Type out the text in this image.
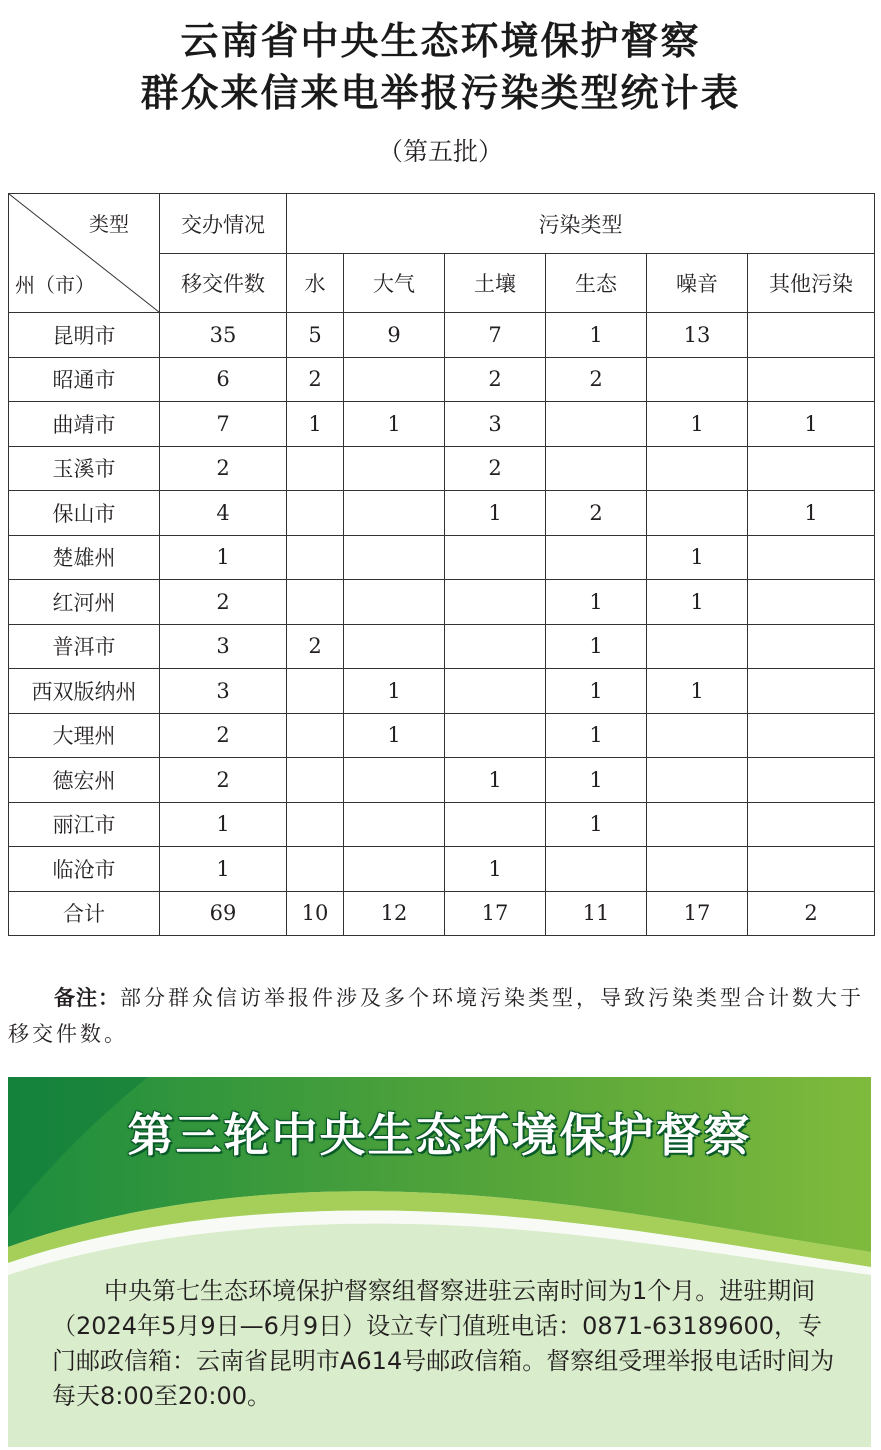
云南省中央生态环境保护督察
群众来信来电举报污染类型统计表
（第五批）
类型
州（市）	交办情况	污染类型					
	移交件数	水	大气	土壤	生态	噪音	其他污染
昆明市	35	5	9	7	1	13	
昭通市	6	2		2	2		
曲靖市	7	1	1	3		1	1
玉溪市	2			2			
保山市	4			1	2		1
楚雄州	1					1	
红河州	2				1	1	
普洱市	3	2			1		
西双版纳州	3		1		1	1	
大理州	2		1		1		
德宏州	2			1	1		
丽江市	1				1		
临沧市	1			1			
合计	69	10	12	17	11	17	2
备注：部分群众信访举报件涉及多个环境污染类型，导致污染类型合计数大于移交件数。
第三轮中央生态环境保护督察
中央第七生态环境保护督察组督察进驻云南时间为1个月。进驻期间（2024年5月9日—6月9日）设立专门值班电话：0871-63189600，专门邮政信箱：云南省昆明市A614号邮政信箱。督察组受理举报电话时间为每天8:00至20:00。
